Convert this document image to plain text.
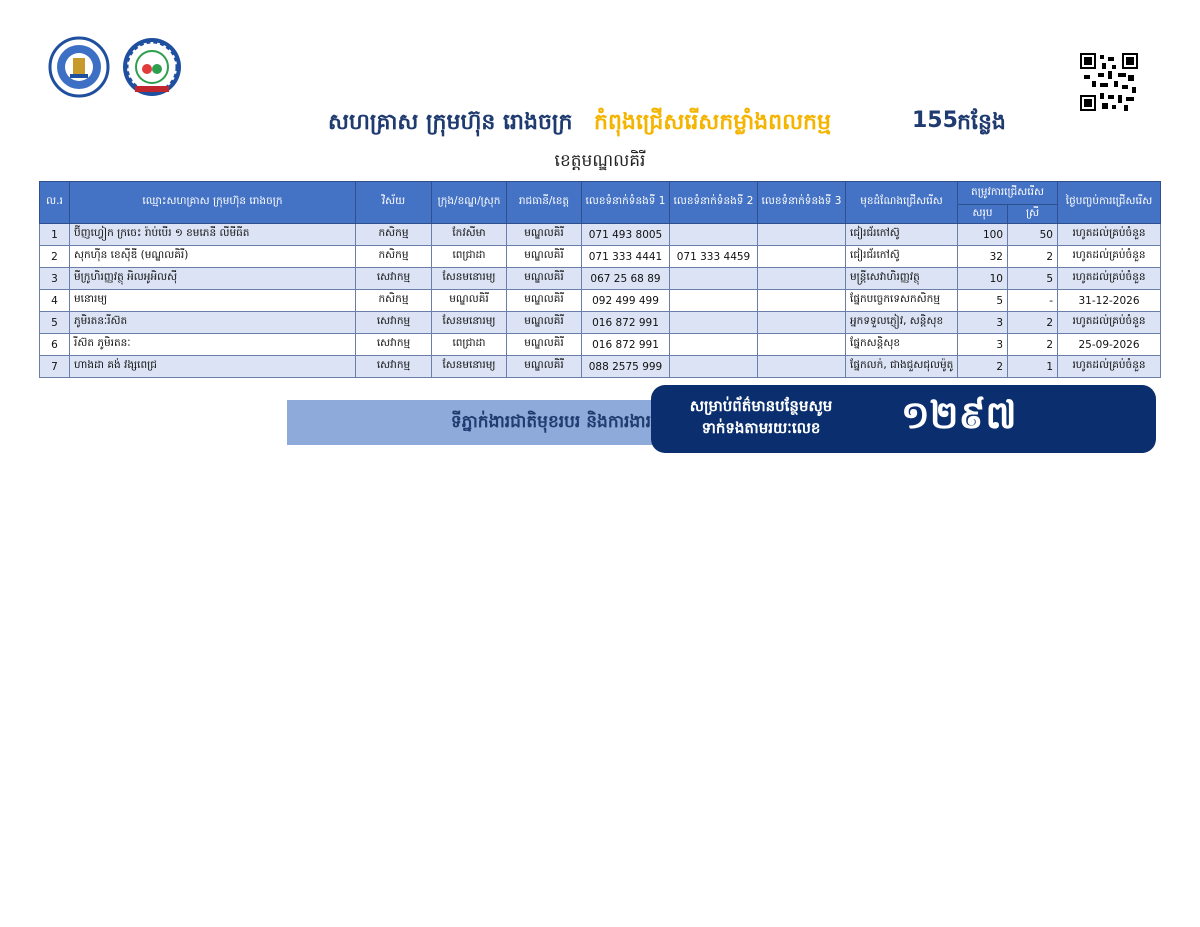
សហគ្រាស ក្រុមហ៊ុន រោងចក្រ កំពុងជ្រើសរើសកម្លាំងពលកម្ម	155 កន្លែង
ខេត្តមណ្ឌលគិរី
ល.រ	ឈ្មោះសហគ្រាស ក្រុមហ៊ុន រោងចក្រ	វិស័យ	ក្រុង/ខណ្ឌ/ស្រុក	រាជធានី/ខេត្ត	លេខទំនាក់ទំនងទី 1	លេខទំនាក់ទំនងទី 2	លេខទំនាក់ទំនងទី 3	មុខដំណែងជ្រើសរើស	តម្រូវការជ្រើសរើស		ថ្ងៃបញ្ចប់ការជ្រើសរើស
									សរុប	ស្រី	
1	ប៊ីញហ្វៀក ក្រចេះ រ៉ាប់បើរ ១ ខមភេនី លីមីធីត	កសិកម្ម	កែវសីមា	មណ្ឌលគិរី	071 493 8005			ជៀរជ័រកៅស៊ូ	100	50	រហូតដល់គ្រប់ចំនួន
2	សុកហ៊ីន ខេស៊ីឌី (មណ្ឌលគិរី)	កសិកម្ម	ពេជ្រាដា	មណ្ឌលគិរី	071 333 4441	071 333 4459		ជៀរជ័រកៅស៊ូ	32	2	រហូតដល់គ្រប់ចំនួន
3	មីក្រូហិរញ្ញវត្ថុ អិលអូអិលស៊ី	សេវាកម្ម	សែនមនោរម្យ	មណ្ឌលគិរី	067 25 68 89			មន្ត្រីសេវាហិរញ្ញវត្ថុ	10	5	រហូតដល់គ្រប់ចំនួន
4	មនោរម្យ	កសិកម្ម	មណ្ឌលគិរី	មណ្ឌលគិរី	092 499 499			ផ្នែកបច្ចេកទេសកសិកម្ម	5	-	31-12-2026
5	ភូមិរតនៈរីស៊ត	សេវាកម្ម	សែនមនោរម្យ	មណ្ឌលគិរី	016 872 991			អ្នកទទួលភ្ញៀវ, សន្តិសុខ	3	2	រហូតដល់គ្រប់ចំនួន
6	រីស៊ត ភូមិរតនៈ	សេវាកម្ម	ពេជ្រាដា	មណ្ឌលគិរី	016 872 991			ផ្នែកសន្តិសុខ	3	2	25-09-2026
7	ហាងដា គង់ វង្សពេជ្រ	សេវាកម្ម	សែនមនោរម្យ	មណ្ឌលគិរី	088 2575 999			ផ្នែកលក់, ជាងជួសជុលម៉ូតូ	2	1	រហូតដល់គ្រប់ចំនួន
ទីភ្នាក់ងារជាតិមុខរបរ និងការងារ
សម្រាប់ព័ត៌មានបន្ថែមសូម
ទាក់ទងតាមរយៈលេខ	១២៩៧
